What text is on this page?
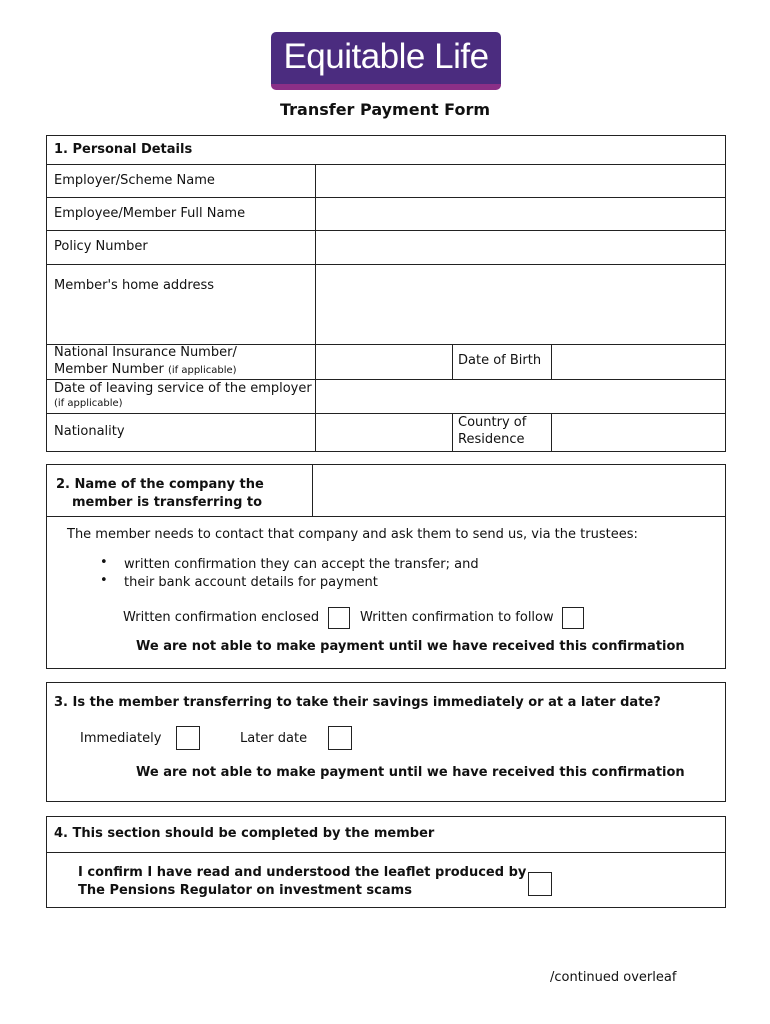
Equitable Life
Transfer Payment Form
1. Personal Details
Employer/Scheme Name
Employee/Member Full Name
Policy Number
Member's home address
National Insurance Number/
Member Number (if applicable)
Date of Birth
Date of leaving service of the employer
(if applicable)
Nationality
Country of
Residence
2. Name of the company the
member is transferring to
The member needs to contact that company and ask them to send us, via the trustees:
• written confirmation they can accept the transfer; and
• their bank account details for payment
Written confirmation enclosed	Written confirmation to follow
We are not able to make payment until we have received this confirmation
3. Is the member transferring to take their savings immediately or at a later date?
Immediately	Later date
We are not able to make payment until we have received this confirmation
4. This section should be completed by the member
I confirm I have read and understood the leaflet produced by
The Pensions Regulator on investment scams
/continued overleaf
